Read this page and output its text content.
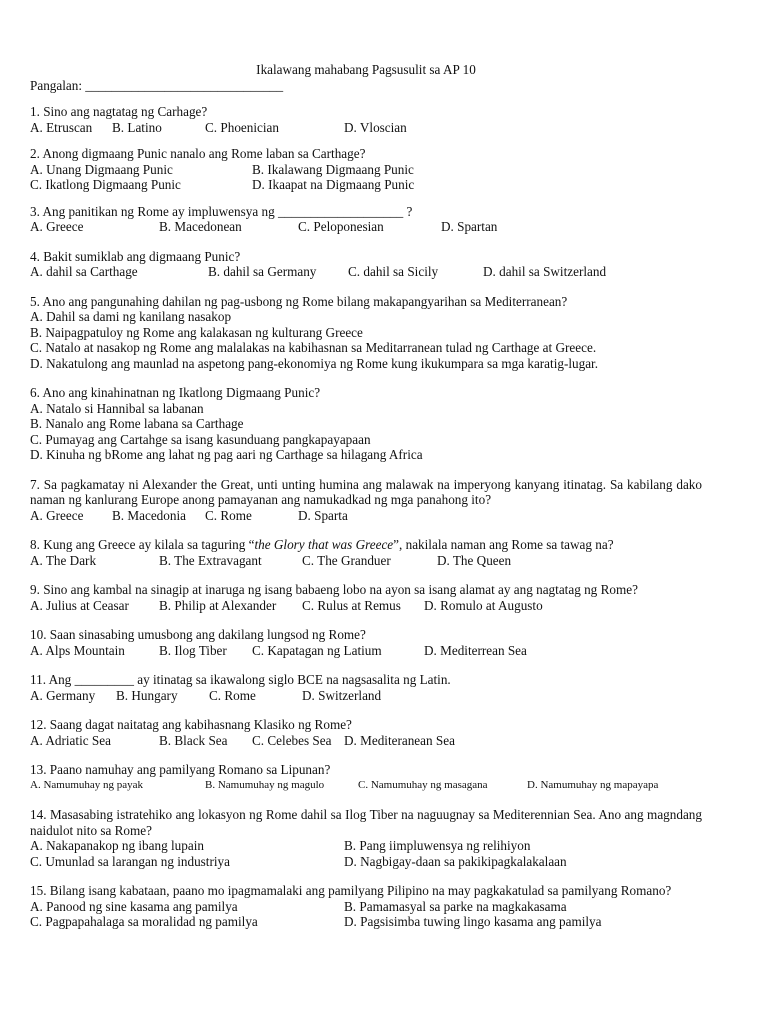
Ikalawang mahabang Pagsusulit sa AP 10
Pangalan: ______________________________
1. Sino ang nagtatag ng Carhage?
A. Etruscan B. Latino	C. Phoenician	D. Vloscian
2. Anong digmaang Punic nanalo ang Rome laban sa Carthage?
A. Unang Digmaang Punic	B. Ikalawang Digmaang Punic
C. Ikatlong Digmaang Punic	D. Ikaapat na Digmaang Punic
3. Ang panitikan ng Rome ay impluwensya ng ___________________ ?
A. Greece	B. Macedonean	C. Peloponesian	D. Spartan
4. Bakit sumiklab ang digmaang Punic?
A. dahil sa Carthage	B. dahil sa Germany C. dahil sa Sicily	D. dahil sa Switzerland
5. Ano ang pangunahing dahilan ng pag-usbong ng Rome bilang makapangyarihan sa Mediterranean?
A. Dahil sa dami ng kanilang nasakop
B. Naipagpatuloy ng Rome ang kalakasan ng kulturang Greece
C. Natalo at nasakop ng Rome ang malalakas na kabihasnan sa Meditarranean tulad ng Carthage at Greece.
D. Nakatulong ang maunlad na aspetong pang-ekonomiya ng Rome kung ikukumpara sa mga karatig-lugar.
6. Ano ang kinahinatnan ng Ikatlong Digmaang Punic?
A. Natalo si Hannibal sa labanan
B. Nanalo ang Rome labana sa Carthage
C. Pumayag ang Cartahge sa isang kasunduang pangkapayapaan
D. Kinuha ng bRome ang lahat ng pag aari ng Carthage sa hilagang Africa
7. Sa pagkamatay ni Alexander the Great, unti unting humina ang malawak na imperyong kanyang itinatag. Sa kabilang dako naman ng kanlurang Europe anong pamayanan ang namukadkad ng mga panahong ito?
A. Greece B. Macedonia C. Rome	D. Sparta
8. Kung ang Greece ay kilala sa taguring “the Glory that was Greece”, nakilala naman ang Rome sa tawag na?
A. The Dark	B. The Extravagant	C. The Granduer	D. The Queen
9. Sino ang kambal na sinagip at inaruga ng isang babaeng lobo na ayon sa isang alamat ay ang nagtatag ng Rome?
A. Julius at Ceasar B. Philip at Alexander C. Rulus at Remus D. Romulo at Augusto
10. Saan sinasabing umusbong ang dakilang lungsod ng Rome?
A. Alps Mountain	B. Ilog Tiber C. Kapatagan ng Latium	D. Mediterrean Sea
11. Ang _________ ay itinatag sa ikawalong siglo BCE na nagsasalita ng Latin.
A. Germany B. Hungary C. Rome	D. Switzerland
12. Saang dagat naitatag ang kabihasnang Klasiko ng Rome?
A. Adriatic Sea	B. Black Sea C. Celebes Sea D. Mediteranean Sea
13. Paano namuhay ang pamilyang Romano sa Lipunan?
A. Namumuhay ng payak	B. Namumuhay ng magulo	C. Namumuhay ng masagana	D. Namumuhay ng mapayapa
14. Masasabing istratehiko ang lokasyon ng Rome dahil sa Ilog Tiber na naguugnay sa Mediterennian Sea. Ano ang magndang naidulot nito sa Rome?
A. Nakapanakop ng ibang lupain	B. Pang iimpluwensya ng relihiyon
C. Umunlad sa larangan ng industriya	D. Nagbigay-daan sa pakikipagkalakalaan
15. Bilang isang kabataan, paano mo ipagmamalaki ang pamilyang Pilipino na may pagkakatulad sa pamilyang Romano?
A. Panood ng sine kasama ang pamilya	B. Pamamasyal sa parke na magkakasama
C. Pagpapahalaga sa moralidad ng pamilya	D. Pagsisimba tuwing lingo kasama ang pamilya
